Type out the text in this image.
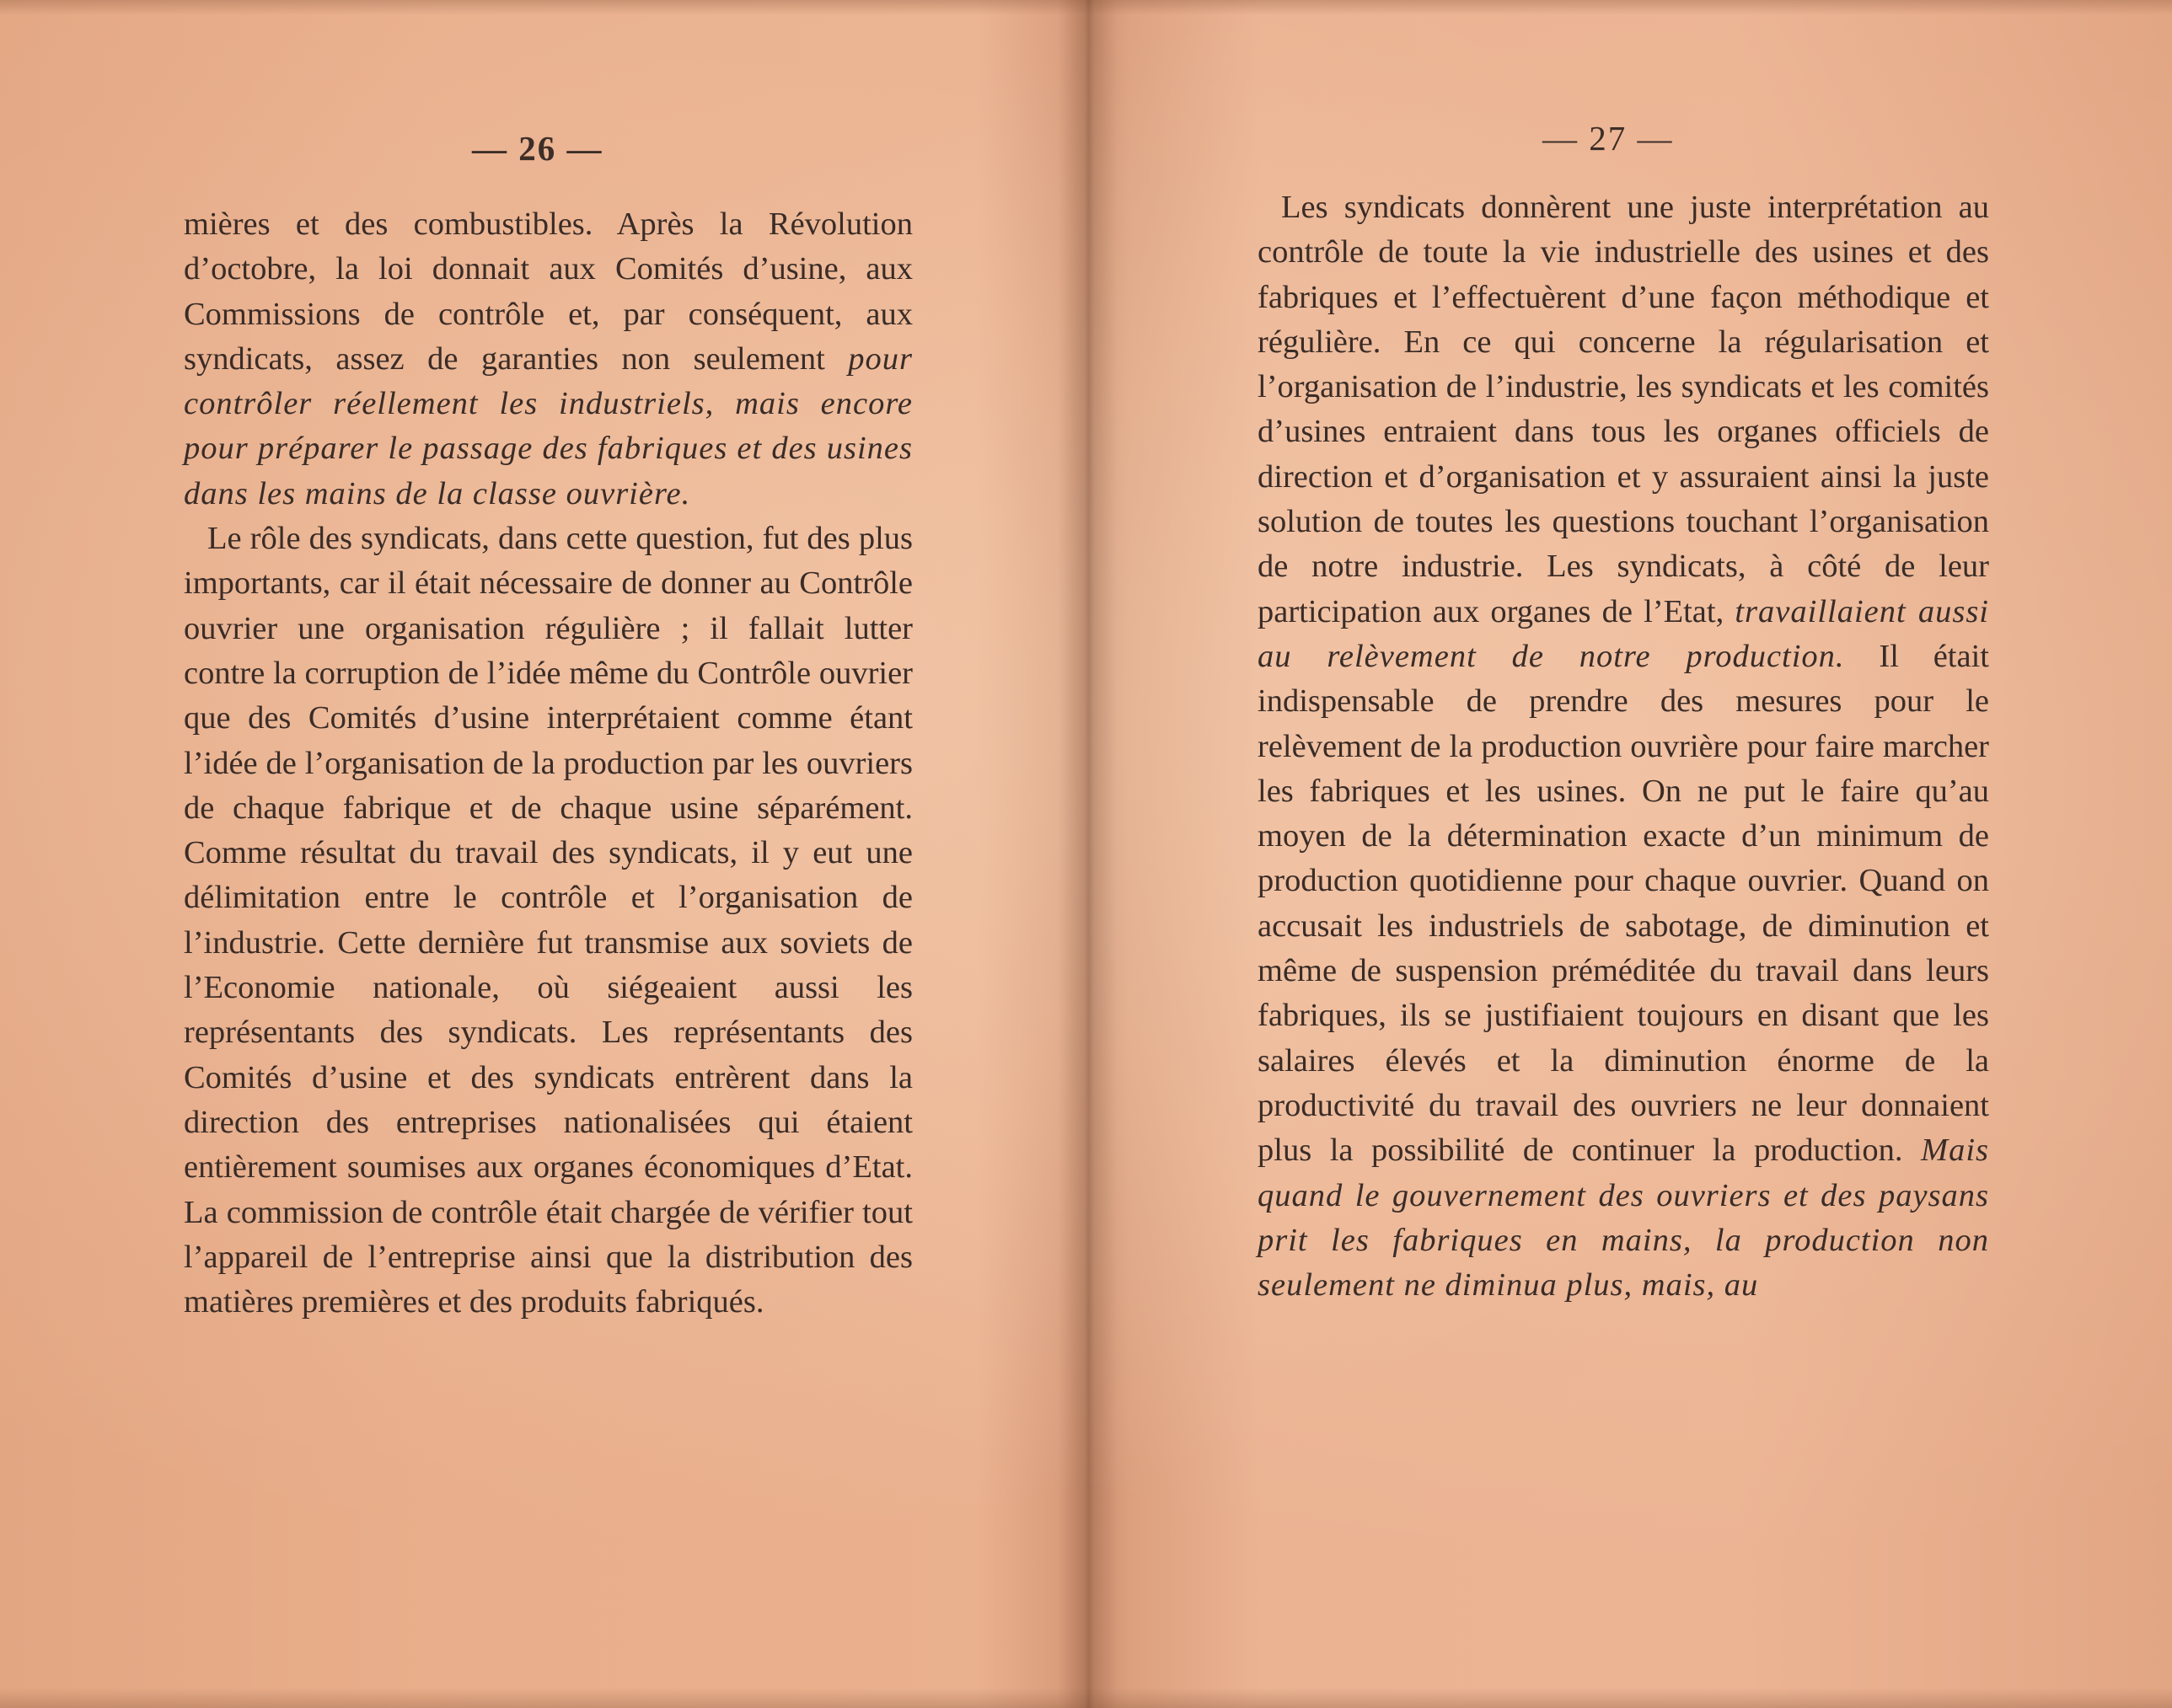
— 26 —

mières et des combustibles. Après la Révolution d’octobre, la loi donnait aux Comités d’usine, aux Commissions de contrôle et, par conséquent, aux syndicats, assez de garanties non seulement pour contrôler réellement les industriels, mais encore pour préparer le passage des fabriques et des usines dans les mains de la classe ouvrière.

Le rôle des syndicats, dans cette question, fut des plus importants, car il était nécessaire de donner au Contrôle ouvrier une organisation régulière ; il fallait lutter contre la corruption de l’idée même du Contrôle ouvrier que des Comités d’usine interprétaient comme étant l’idée de l’organisation de la production par les ouvriers de chaque fabrique et de chaque usine séparément. Comme résultat du travail des syndicats, il y eut une délimitation entre le contrôle et l’organisation de l’industrie. Cette dernière fut transmise aux soviets de l’Economie nationale, où siégeaient aussi les représentants des syndicats. Les représentants des Comités d’usine et des syndicats entrèrent dans la direction des entreprises nationalisées qui étaient entièrement soumises aux organes économiques d’Etat. La commission de contrôle était chargée de vérifier tout l’appareil de l’entreprise ainsi que la distribution des matières premières et des produits fabriqués.

— 27 —

Les syndicats donnèrent une juste interprétation au contrôle de toute la vie industrielle des usines et des fabriques et l’effectuèrent d’une façon méthodique et régulière. En ce qui concerne la régularisation et l’organisation de l’industrie, les syndicats et les comités d’usines entraient dans tous les organes officiels de direction et d’organisation et y assuraient ainsi la juste solution de toutes les questions touchant l’organisation de notre industrie. Les syndicats, à côté de leur participation aux organes de l’Etat, travaillaient aussi au relèvement de notre production. Il était indispensable de prendre des mesures pour le relèvement de la production ouvrière pour faire marcher les fabriques et les usines. On ne put le faire qu’au moyen de la détermination exacte d’un minimum de production quotidienne pour chaque ouvrier. Quand on accusait les industriels de sabotage, de diminution et même de suspension préméditée du travail dans leurs fabriques, ils se justifiaient toujours en disant que les salaires élevés et la diminution énorme de la productivité du travail des ouvriers ne leur donnaient plus la possibilité de continuer la production. Mais quand le gouvernement des ouvriers et des paysans prit les fabriques en mains, la production non seulement ne diminua plus, mais, au
